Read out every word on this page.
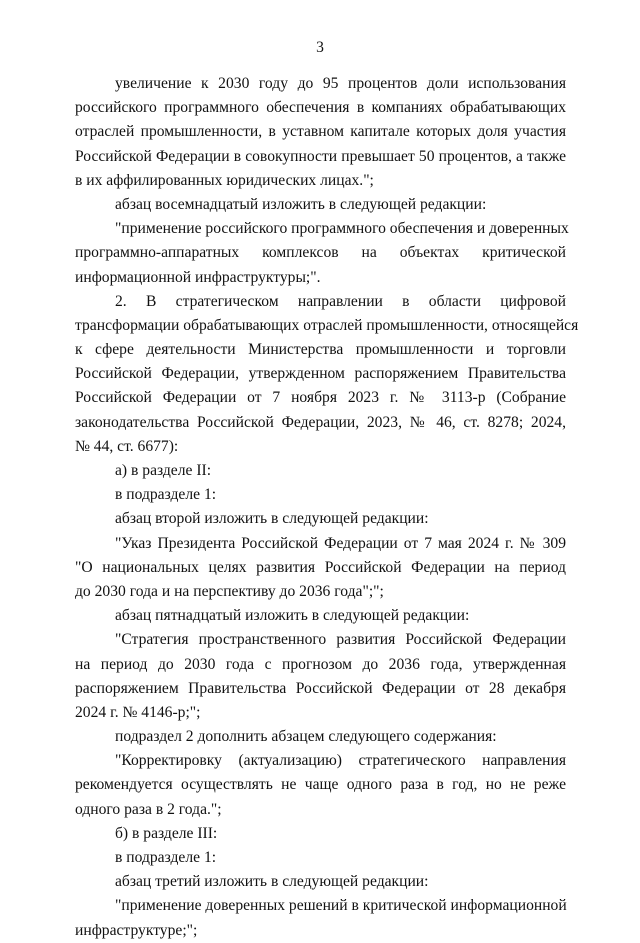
3
увеличение к 2030 году до 95 процентов доли использования
российского программного обеспечения в компаниях обрабатывающих
отраслей промышленности, в уставном капитале которых доля участия
Российской Федерации в совокупности превышает 50 процентов, а также
в их аффилированных юридических лицах.";
абзац восемнадцатый изложить в следующей редакции:
"применение российского программного обеспечения и доверенных
программно-аппаратных комплексов на объектах критической
информационной инфраструктуры;".
2. В стратегическом направлении в области цифровой
трансформации обрабатывающих отраслей промышленности, относящейся
к сфере деятельности Министерства промышленности и торговли
Российской Федерации, утвержденном распоряжением Правительства
Российской Федерации от 7 ноября 2023 г. № 3113-р (Собрание
законодательства Российской Федерации, 2023, № 46, ст. 8278; 2024,
№ 44, ст. 6677):
а) в разделе II:
в подразделе 1:
абзац второй изложить в следующей редакции:
"Указ Президента Российской Федерации от 7 мая 2024 г. № 309
"О национальных целях развития Российской Федерации на период
до 2030 года и на перспективу до 2036 года";";
абзац пятнадцатый изложить в следующей редакции:
"Стратегия пространственного развития Российской Федерации
на период до 2030 года с прогнозом до 2036 года, утвержденная
распоряжением Правительства Российской Федерации от 28 декабря
2024 г. № 4146-р;";
подраздел 2 дополнить абзацем следующего содержания:
"Корректировку (актуализацию) стратегического направления
рекомендуется осуществлять не чаще одного раза в год, но не реже
одного раза в 2 года.";
б) в разделе III:
в подразделе 1:
абзац третий изложить в следующей редакции:
"применение доверенных решений в критической информационной
инфраструктуре;";
